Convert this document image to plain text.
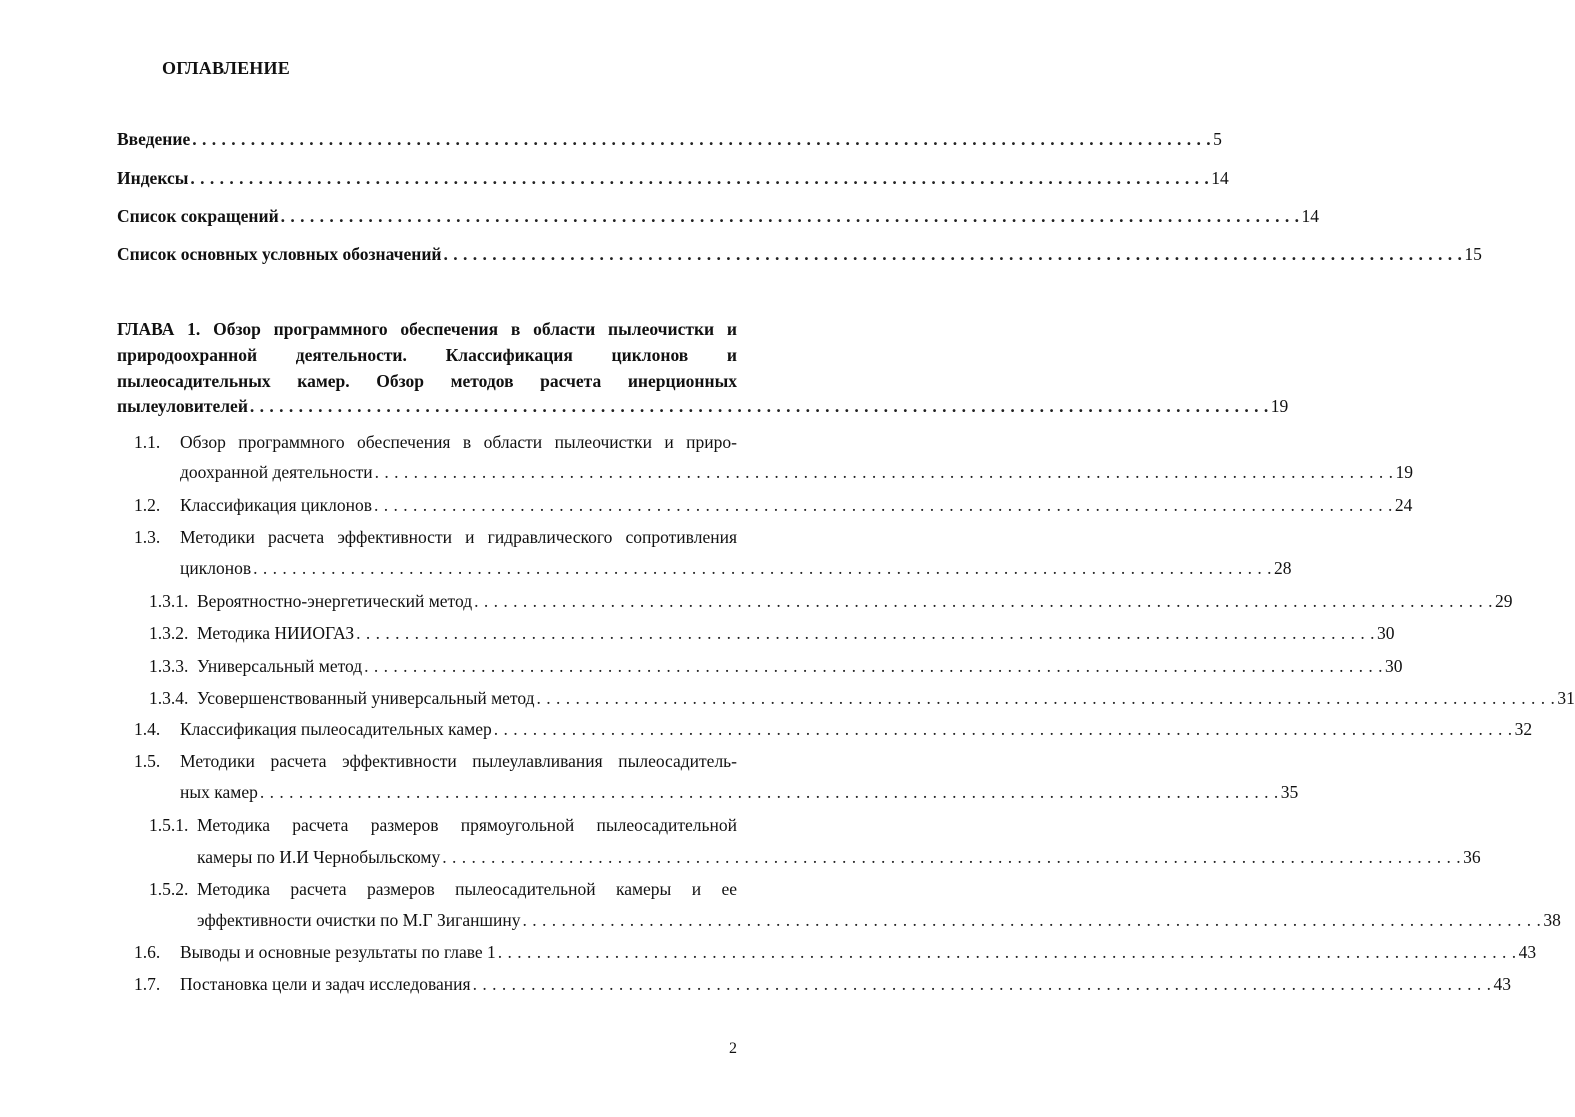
ОГЛАВЛЕНИЕ
Введение . . . . . . . . . . . . . . . . . . . . . . . . . . . . . . . . . . . . . . . . . . . . . . . . . . . . . . . . . . . . . . . . . . . . . . . . . . . . . . . . . . . . . . . . . . . . . . . . . . . . . . . . . 5
Индексы . . . . . . . . . . . . . . . . . . . . . . . . . . . . . . . . . . . . . . . . . . . . . . . . . . . . . . . . . . . . . . . . . . . . . . . . . . . . . . . . . . . . . . . . . . . . . . . . . . . . . . . . . 14
Список сокращений . . . . . . . . . . . . . . . . . . . . . . . . . . . . . . . . . . . . . . . . . . . . . . . . . . . . . . . . . . . . . . . . . . . . . . . . . . . . . . . . . . . . . . . . . . . . . . . . . . . . . . . . . 14
Список основных условных обозначений . . . . . . . . . . . . . . . . . . . . . . . . . . . . . . . . . . . . . . . . . . . . . . . . . . . . . . . . . . . . . . . . . . . . . . . . . . . . . . . . . . . . . . . . . . . . . . . . . . . . . . . . . 15
ГЛАВА 1. Обзор программного обеспечения в области пылеочистки и
природоохранной деятельности. Классификация циклонов и
пылеосадительных камер. Обзор методов расчета инерционных
пылеуловителей . . . . . . . . . . . . . . . . . . . . . . . . . . . . . . . . . . . . . . . . . . . . . . . . . . . . . . . . . . . . . . . . . . . . . . . . . . . . . . . . . . . . . . . . . . . . . . . . . . . . . . . . . 19
1.1. Обзор программного обеспечения в области пылеочистки и приро-
доохранной деятельности . . . . . . . . . . . . . . . . . . . . . . . . . . . . . . . . . . . . . . . . . . . . . . . . . . . . . . . . . . . . . . . . . . . . . . . . . . . . . . . . . . . . . . . . . . . . . . . . . . . . . . . . . 19
1.2. Классификация циклонов . . . . . . . . . . . . . . . . . . . . . . . . . . . . . . . . . . . . . . . . . . . . . . . . . . . . . . . . . . . . . . . . . . . . . . . . . . . . . . . . . . . . . . . . . . . . . . . . . . . . . . . . . 24
1.3. Методики расчета эффективности и гидравлического сопротивления
циклонов . . . . . . . . . . . . . . . . . . . . . . . . . . . . . . . . . . . . . . . . . . . . . . . . . . . . . . . . . . . . . . . . . . . . . . . . . . . . . . . . . . . . . . . . . . . . . . . . . . . . . . . . . 28
1.3.1. Вероятностно-энергетический метод . . . . . . . . . . . . . . . . . . . . . . . . . . . . . . . . . . . . . . . . . . . . . . . . . . . . . . . . . . . . . . . . . . . . . . . . . . . . . . . . . . . . . . . . . . . . . . . . . . . . . . . . . 29
1.3.2. Методика НИИОГАЗ . . . . . . . . . . . . . . . . . . . . . . . . . . . . . . . . . . . . . . . . . . . . . . . . . . . . . . . . . . . . . . . . . . . . . . . . . . . . . . . . . . . . . . . . . . . . . . . . . . . . . . . . . 30
1.3.3. Универсальный метод . . . . . . . . . . . . . . . . . . . . . . . . . . . . . . . . . . . . . . . . . . . . . . . . . . . . . . . . . . . . . . . . . . . . . . . . . . . . . . . . . . . . . . . . . . . . . . . . . . . . . . . . . 30
1.3.4. Усовершенствованный универсальный метод . . . . . . . . . . . . . . . . . . . . . . . . . . . . . . . . . . . . . . . . . . . . . . . . . . . . . . . . . . . . . . . . . . . . . . . . . . . . . . . . . . . . . . . . . . . . . . . . . . . . . . . . . 31
1.4. Классификация пылеосадительных камер . . . . . . . . . . . . . . . . . . . . . . . . . . . . . . . . . . . . . . . . . . . . . . . . . . . . . . . . . . . . . . . . . . . . . . . . . . . . . . . . . . . . . . . . . . . . . . . . . . . . . . . . . 32
1.5. Методики расчета эффективности пылеулавливания пылеосадитель-
ных камер . . . . . . . . . . . . . . . . . . . . . . . . . . . . . . . . . . . . . . . . . . . . . . . . . . . . . . . . . . . . . . . . . . . . . . . . . . . . . . . . . . . . . . . . . . . . . . . . . . . . . . . . . 35
1.5.1. Методика расчета размеров прямоугольной пылеосадительной
камеры по И.И Чернобыльскому . . . . . . . . . . . . . . . . . . . . . . . . . . . . . . . . . . . . . . . . . . . . . . . . . . . . . . . . . . . . . . . . . . . . . . . . . . . . . . . . . . . . . . . . . . . . . . . . . . . . . . . . . 36
1.5.2. Методика расчета размеров пылеосадительной камеры и ее
эффективности очистки по М.Г Зиганшину . . . . . . . . . . . . . . . . . . . . . . . . . . . . . . . . . . . . . . . . . . . . . . . . . . . . . . . . . . . . . . . . . . . . . . . . . . . . . . . . . . . . . . . . . . . . . . . . . . . . . . . . . 38
1.6. Выводы и основные результаты по главе 1 . . . . . . . . . . . . . . . . . . . . . . . . . . . . . . . . . . . . . . . . . . . . . . . . . . . . . . . . . . . . . . . . . . . . . . . . . . . . . . . . . . . . . . . . . . . . . . . . . . . . . . . . . 43
1.7. Постановка цели и задач исследования . . . . . . . . . . . . . . . . . . . . . . . . . . . . . . . . . . . . . . . . . . . . . . . . . . . . . . . . . . . . . . . . . . . . . . . . . . . . . . . . . . . . . . . . . . . . . . . . . . . . . . . . . 43
2
